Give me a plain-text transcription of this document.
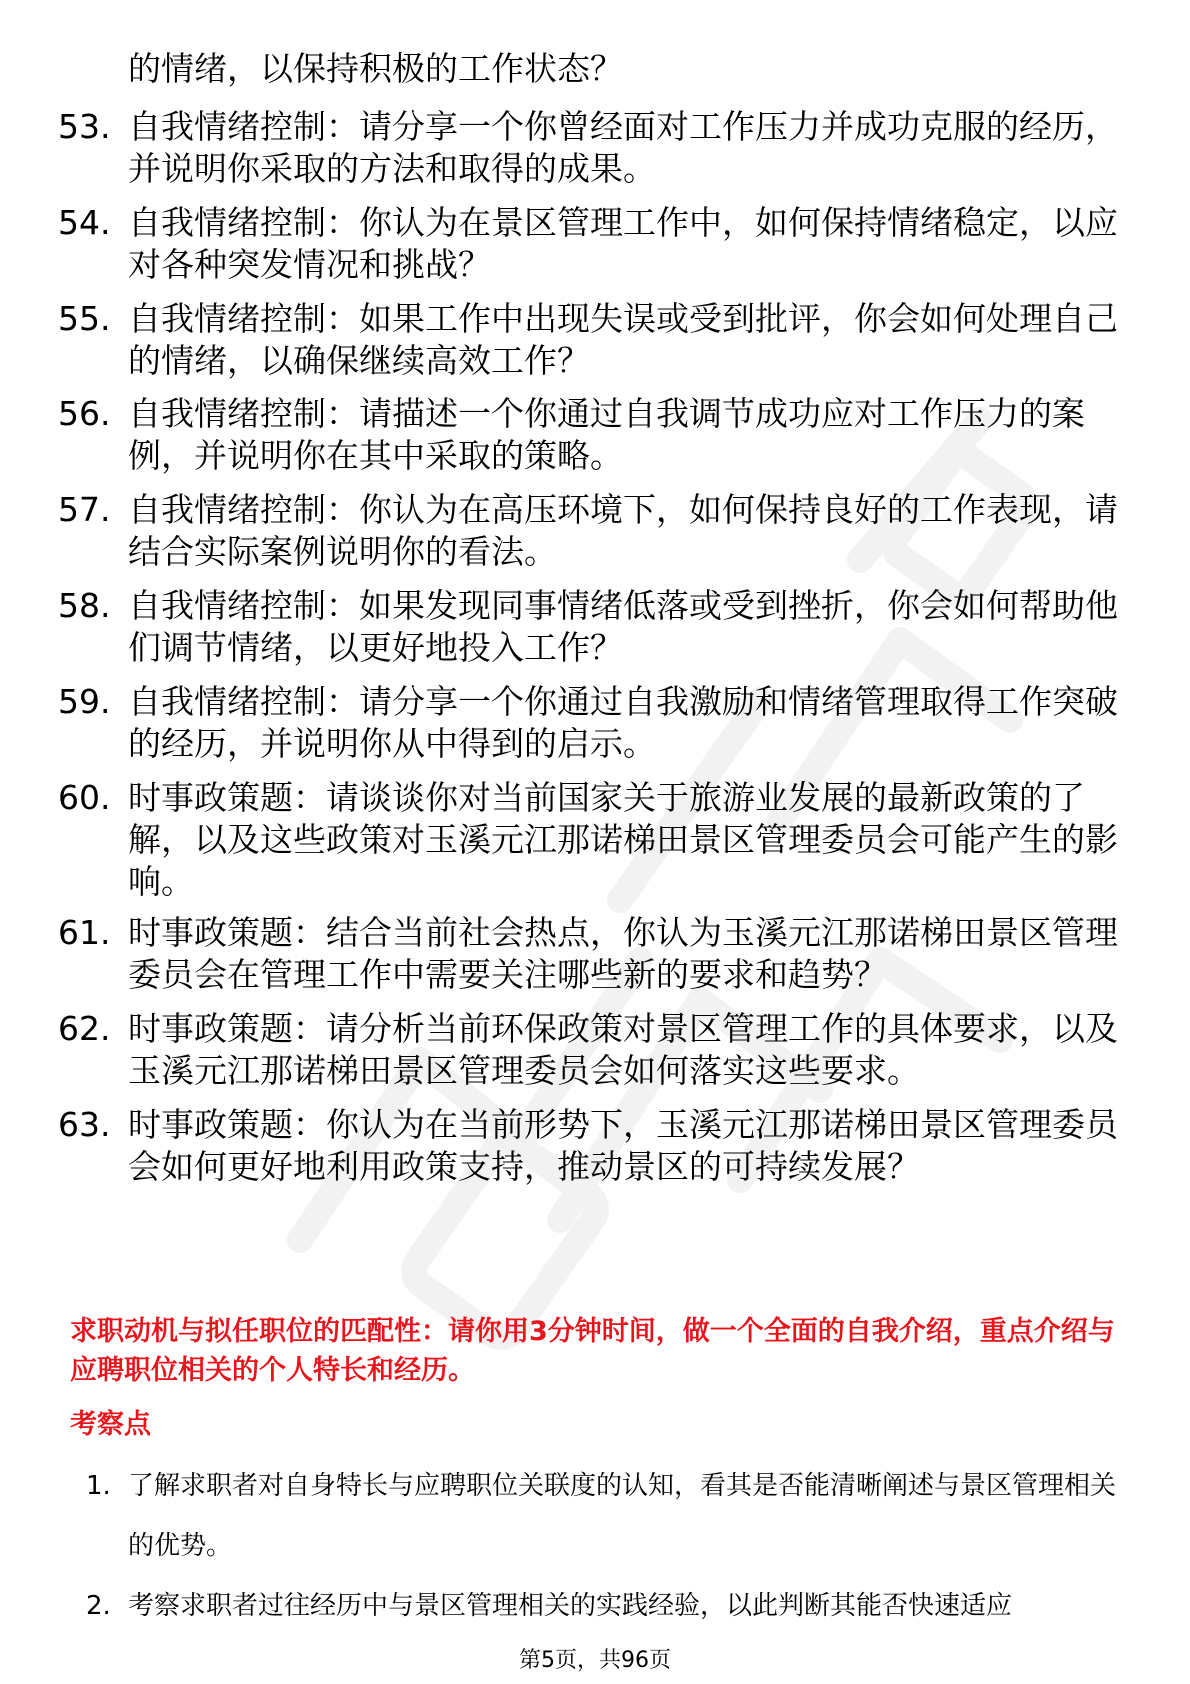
的情绪，以保持积极的工作状态？
53. 自我情绪控制：请分享一个你曾经面对工作压力并成功克服的经历，并说明你采取的方法和取得的成果。
54. 自我情绪控制：你认为在景区管理工作中，如何保持情绪稳定，以应对各种突发情况和挑战？
55. 自我情绪控制：如果工作中出现失误或受到批评，你会如何处理自己的情绪，以确保继续高效工作？
56. 自我情绪控制：请描述一个你通过自我调节成功应对工作压力的案例，并说明你在其中采取的策略。
57. 自我情绪控制：你认为在高压环境下，如何保持良好的工作表现，请结合实际案例说明你的看法。
58. 自我情绪控制：如果发现同事情绪低落或受到挫折，你会如何帮助他们调节情绪，以更好地投入工作？
59. 自我情绪控制：请分享一个你通过自我激励和情绪管理取得工作突破的经历，并说明你从中得到的启示。
60. 时事政策题：请谈谈你对当前国家关于旅游业发展的最新政策的了解，以及这些政策对玉溪元江那诺梯田景区管理委员会可能产生的影响。
61. 时事政策题：结合当前社会热点，你认为玉溪元江那诺梯田景区管理委员会在管理工作中需要关注哪些新的要求和趋势？
62. 时事政策题：请分析当前环保政策对景区管理工作的具体要求，以及玉溪元江那诺梯田景区管理委员会如何落实这些要求。
63. 时事政策题：你认为在当前形势下，玉溪元江那诺梯田景区管理委员会如何更好地利用政策支持，推动景区的可持续发展？
求职动机与拟任职位的匹配性：请你用3分钟时间，做一个全面的自我介绍，重点介绍与应聘职位相关的个人特长和经历。
考察点
1. 了解求职者对自身特长与应聘职位关联度的认知，看其是否能清晰阐述与景区管理相关的优势。
2. 考察求职者过往经历中与景区管理相关的实践经验，以此判断其能否快速适应
第5页，共96页
